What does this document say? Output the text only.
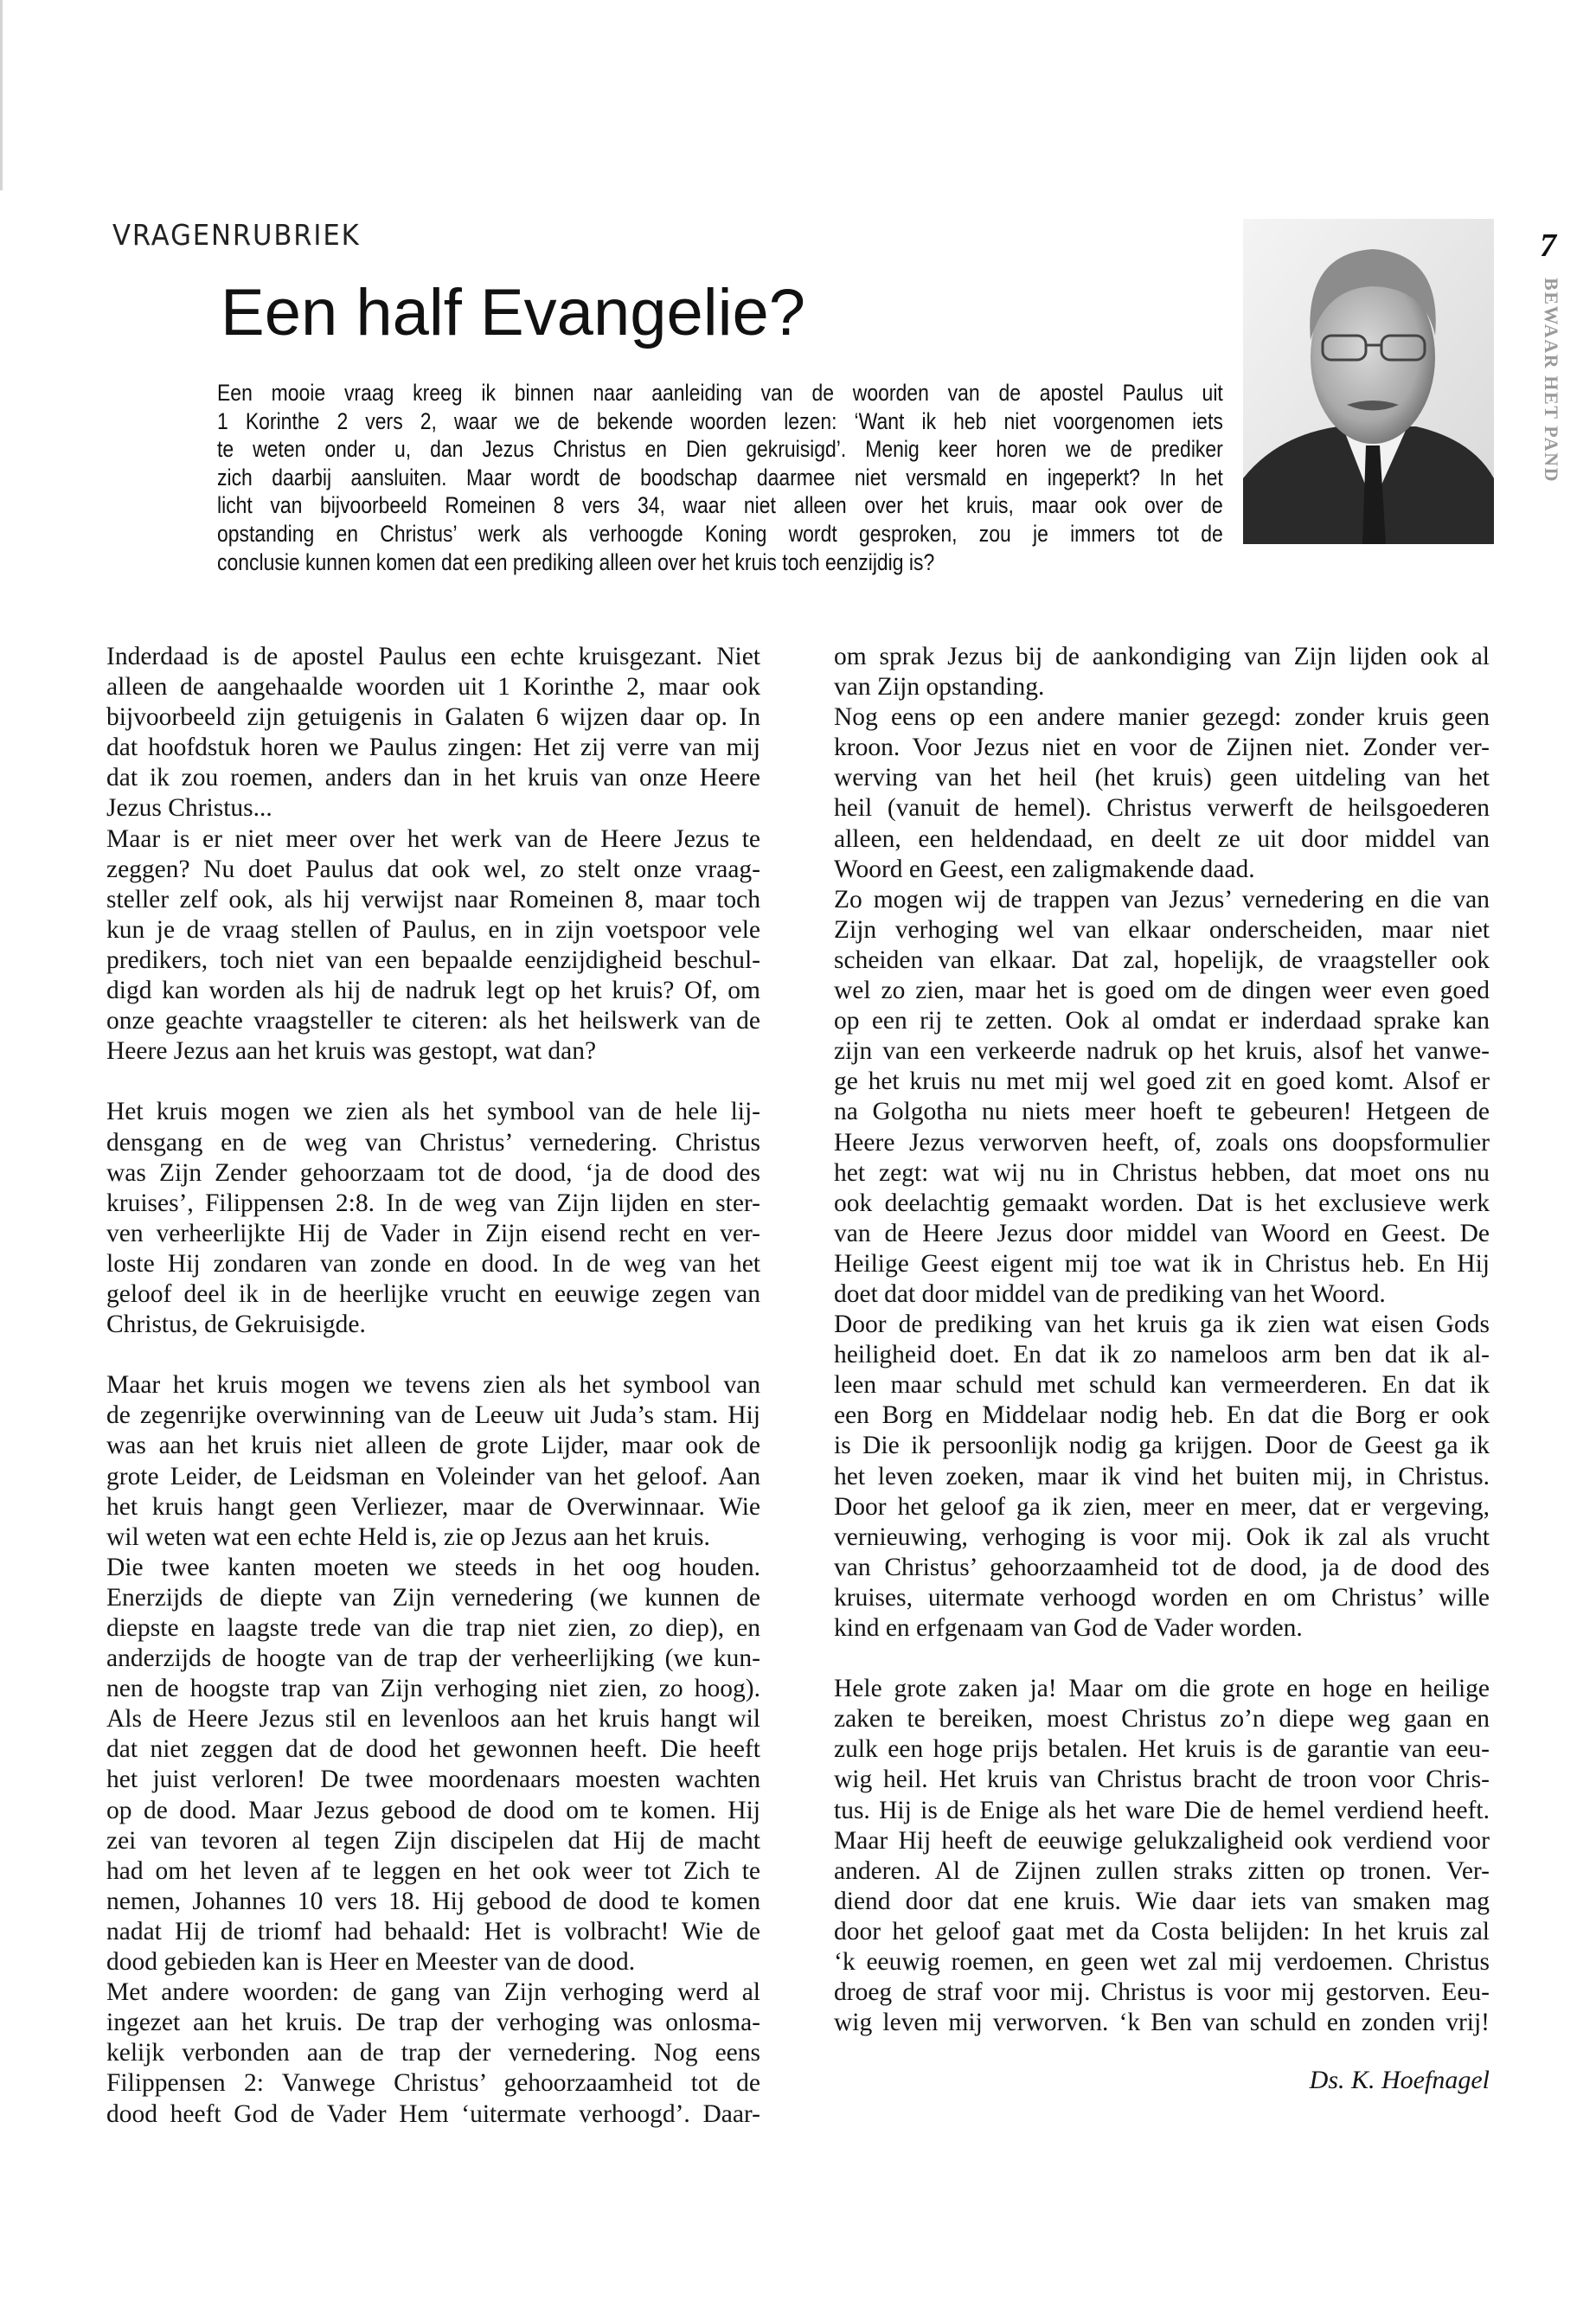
VRAGENRUBRIEK
Een half Evangelie?
Een mooie vraag kreeg ik binnen naar aanleiding van de woorden van de apostel Paulus uit
1 Korinthe 2 vers 2, waar we de bekende woorden lezen: ‘Want ik heb niet voorgenomen iets
te weten onder u, dan Jezus Christus en Dien gekruisigd’. Menig keer horen we de prediker
zich daarbij aansluiten. Maar wordt de boodschap daarmee niet versmald en ingeperkt? In het
licht van bijvoorbeeld Romeinen 8 vers 34, waar niet alleen over het kruis, maar ook over de
opstanding en Christus’ werk als verhoogde Koning wordt gesproken, zou je immers tot de
conclusie kunnen komen dat een prediking alleen over het kruis toch eenzijdig is?
7
BEWAAR HET PAND
Inderdaad is de apostel Paulus een echte kruisgezant. Niet
alleen de aangehaalde woorden uit 1 Korinthe 2, maar ook
bijvoorbeeld zijn getuigenis in Galaten 6 wijzen daar op. In
dat hoofdstuk horen we Paulus zingen: Het zij verre van mij
dat ik zou roemen, anders dan in het kruis van onze Heere
Jezus Christus...
Maar is er niet meer over het werk van de Heere Jezus te
zeggen? Nu doet Paulus dat ook wel, zo stelt onze vraag-
steller zelf ook, als hij verwijst naar Romeinen 8, maar toch
kun je de vraag stellen of Paulus, en in zijn voetspoor vele
predikers, toch niet van een bepaalde eenzijdigheid beschul-
digd kan worden als hij de nadruk legt op het kruis? Of, om
onze geachte vraagsteller te citeren: als het heilswerk van de
Heere Jezus aan het kruis was gestopt, wat dan?
Het kruis mogen we zien als het symbool van de hele lij-
densgang en de weg van Christus’ vernedering. Christus
was Zijn Zender gehoorzaam tot de dood, ‘ja de dood des
kruises’, Filippensen 2:8. In de weg van Zijn lijden en ster-
ven verheerlijkte Hij de Vader in Zijn eisend recht en ver-
loste Hij zondaren van zonde en dood. In de weg van het
geloof deel ik in de heerlijke vrucht en eeuwige zegen van
Christus, de Gekruisigde.
Maar het kruis mogen we tevens zien als het symbool van
de zegenrijke overwinning van de Leeuw uit Juda’s stam. Hij
was aan het kruis niet alleen de grote Lijder, maar ook de
grote Leider, de Leidsman en Voleinder van het geloof. Aan
het kruis hangt geen Verliezer, maar de Overwinnaar. Wie
wil weten wat een echte Held is, zie op Jezus aan het kruis.
Die twee kanten moeten we steeds in het oog houden.
Enerzijds de diepte van Zijn vernedering (we kunnen de
diepste en laagste trede van die trap niet zien, zo diep), en
anderzijds de hoogte van de trap der verheerlijking (we kun-
nen de hoogste trap van Zijn verhoging niet zien, zo hoog).
Als de Heere Jezus stil en levenloos aan het kruis hangt wil
dat niet zeggen dat de dood het gewonnen heeft. Die heeft
het juist verloren! De twee moordenaars moesten wachten
op de dood. Maar Jezus gebood de dood om te komen. Hij
zei van tevoren al tegen Zijn discipelen dat Hij de macht
had om het leven af te leggen en het ook weer tot Zich te
nemen, Johannes 10 vers 18. Hij gebood de dood te komen
nadat Hij de triomf had behaald: Het is volbracht! Wie de
dood gebieden kan is Heer en Meester van de dood.
Met andere woorden: de gang van Zijn verhoging werd al
ingezet aan het kruis. De trap der verhoging was onlosma-
kelijk verbonden aan de trap der vernedering. Nog eens
Filippensen 2: Vanwege Christus’ gehoorzaamheid tot de
dood heeft God de Vader Hem ‘uitermate verhoogd’. Daar-
om sprak Jezus bij de aankondiging van Zijn lijden ook al
van Zijn opstanding.
Nog eens op een andere manier gezegd: zonder kruis geen
kroon. Voor Jezus niet en voor de Zijnen niet. Zonder ver-
werving van het heil (het kruis) geen uitdeling van het
heil (vanuit de hemel). Christus verwerft de heilsgoederen
alleen, een heldendaad, en deelt ze uit door middel van
Woord en Geest, een zaligmakende daad.
Zo mogen wij de trappen van Jezus’ vernedering en die van
Zijn verhoging wel van elkaar onderscheiden, maar niet
scheiden van elkaar. Dat zal, hopelijk, de vraagsteller ook
wel zo zien, maar het is goed om de dingen weer even goed
op een rij te zetten. Ook al omdat er inderdaad sprake kan
zijn van een verkeerde nadruk op het kruis, alsof het vanwe-
ge het kruis nu met mij wel goed zit en goed komt. Alsof er
na Golgotha nu niets meer hoeft te gebeuren! Hetgeen de
Heere Jezus verworven heeft, of, zoals ons doopsformulier
het zegt: wat wij nu in Christus hebben, dat moet ons nu
ook deelachtig gemaakt worden. Dat is het exclusieve werk
van de Heere Jezus door middel van Woord en Geest. De
Heilige Geest eigent mij toe wat ik in Christus heb. En Hij
doet dat door middel van de prediking van het Woord.
Door de prediking van het kruis ga ik zien wat eisen Gods
heiligheid doet. En dat ik zo nameloos arm ben dat ik al-
leen maar schuld met schuld kan vermeerderen. En dat ik
een Borg en Middelaar nodig heb. En dat die Borg er ook
is Die ik persoonlijk nodig ga krijgen. Door de Geest ga ik
het leven zoeken, maar ik vind het buiten mij, in Christus.
Door het geloof ga ik zien, meer en meer, dat er vergeving,
vernieuwing, verhoging is voor mij. Ook ik zal als vrucht
van Christus’ gehoorzaamheid tot de dood, ja de dood des
kruises, uitermate verhoogd worden en om Christus’ wille
kind en erfgenaam van God de Vader worden.
Hele grote zaken ja! Maar om die grote en hoge en heilige
zaken te bereiken, moest Christus zo’n diepe weg gaan en
zulk een hoge prijs betalen. Het kruis is de garantie van eeu-
wig heil. Het kruis van Christus bracht de troon voor Chris-
tus. Hij is de Enige als het ware Die de hemel verdiend heeft.
Maar Hij heeft de eeuwige gelukzaligheid ook verdiend voor
anderen. Al de Zijnen zullen straks zitten op tronen. Ver-
diend door dat ene kruis. Wie daar iets van smaken mag
door het geloof gaat met da Costa belijden: In het kruis zal
‘k eeuwig roemen, en geen wet zal mij verdoemen. Christus
droeg de straf voor mij. Christus is voor mij gestorven. Eeu-
wig leven mij verworven. ‘k Ben van schuld en zonden vrij!
Ds. K. Hoefnagel
